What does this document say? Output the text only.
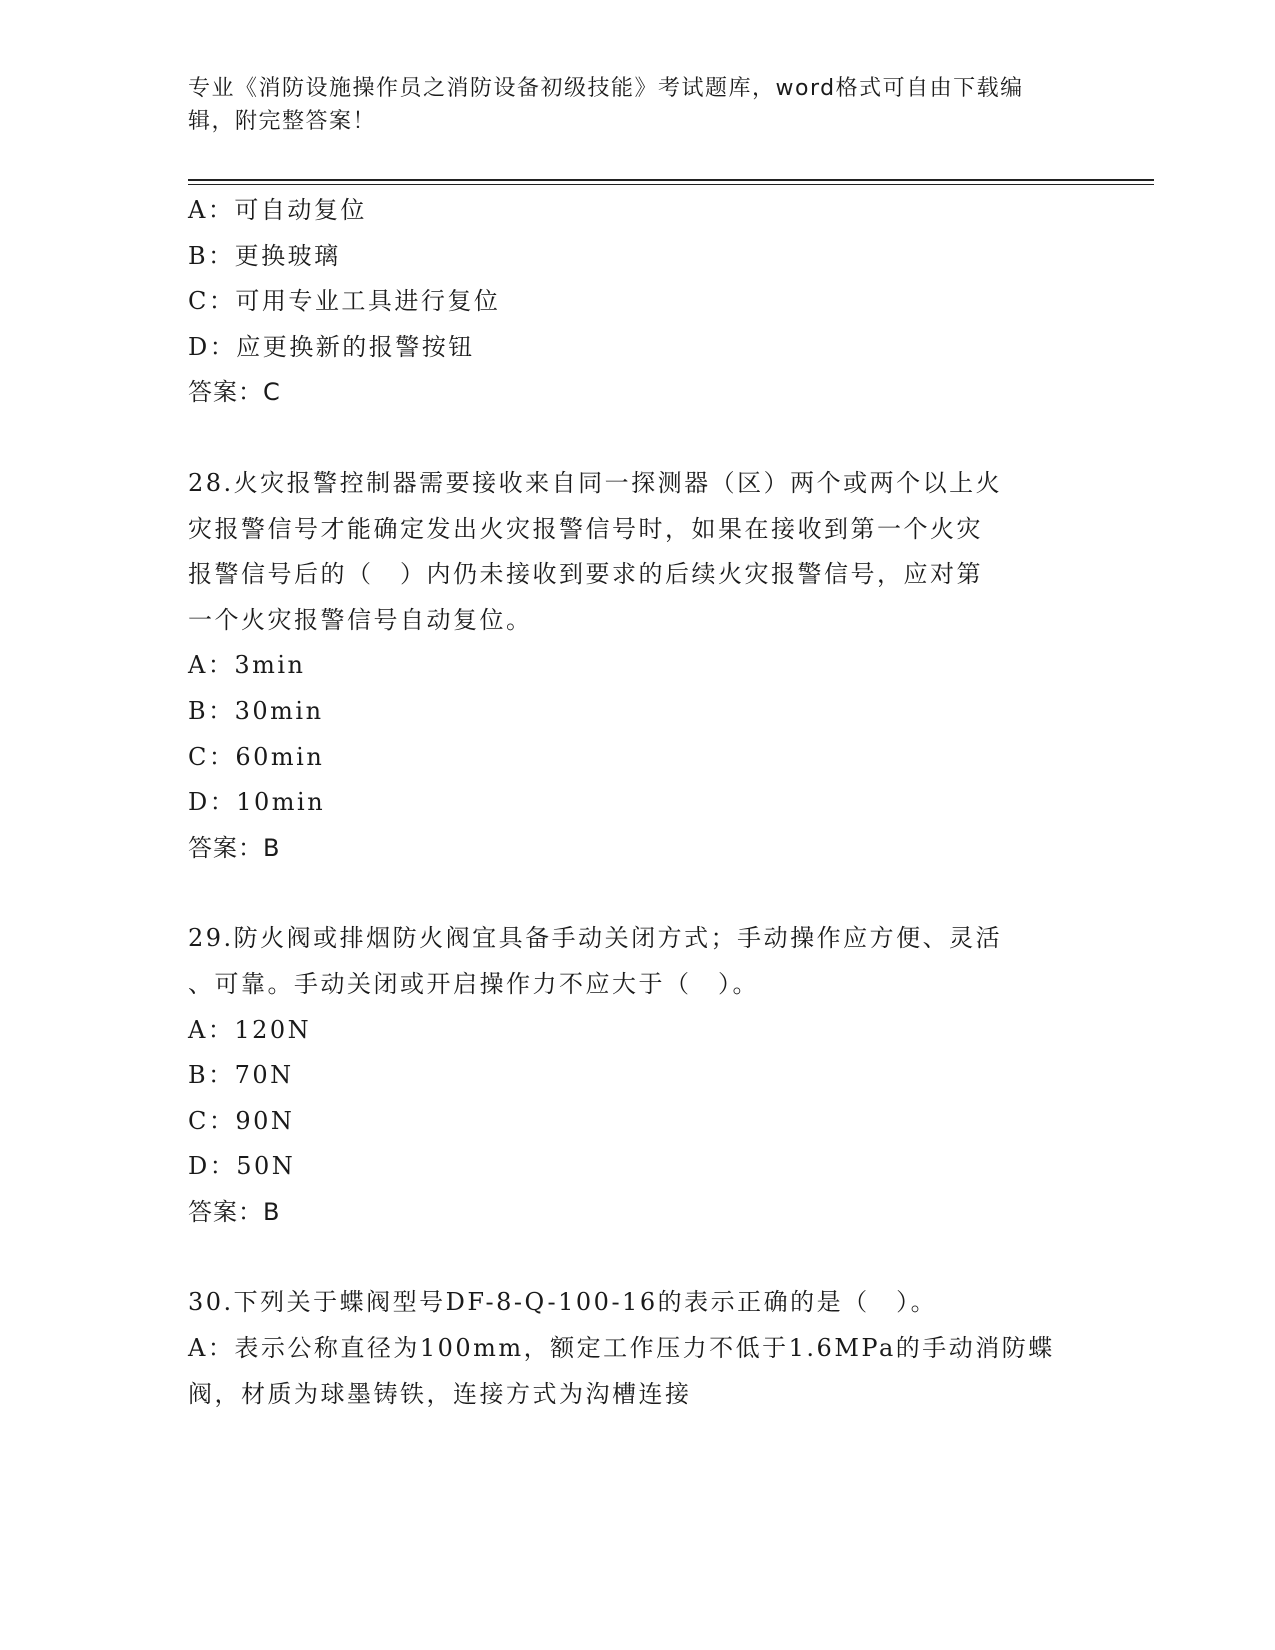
专业《消防设施操作员之消防设备初级技能》考试题库，word格式可自由下载编辑，附完整答案！
A：可自动复位
B：更换玻璃
C：可用专业工具进行复位
D：应更换新的报警按钮
答案：C
28.火灾报警控制器需要接收来自同一探测器（区）两个或两个以上火
灾报警信号才能确定发出火灾报警信号时，如果在接收到第一个火灾
报警信号后的（　）内仍未接收到要求的后续火灾报警信号，应对第
一个火灾报警信号自动复位。
A：3min
B：30min
C：60min
D：10min
答案：B
29.防火阀或排烟防火阀宜具备手动关闭方式；手动操作应方便、灵活
、可靠。手动关闭或开启操作力不应大于（　）。
A：120N
B：70N
C：90N
D：50N
答案：B
30.下列关于蝶阀型号DF-8-Q-100-16的表示正确的是（　）。
A：表示公称直径为100mm，额定工作压力不低于1.6MPa的手动消防蝶
阀，材质为球墨铸铁，连接方式为沟槽连接
